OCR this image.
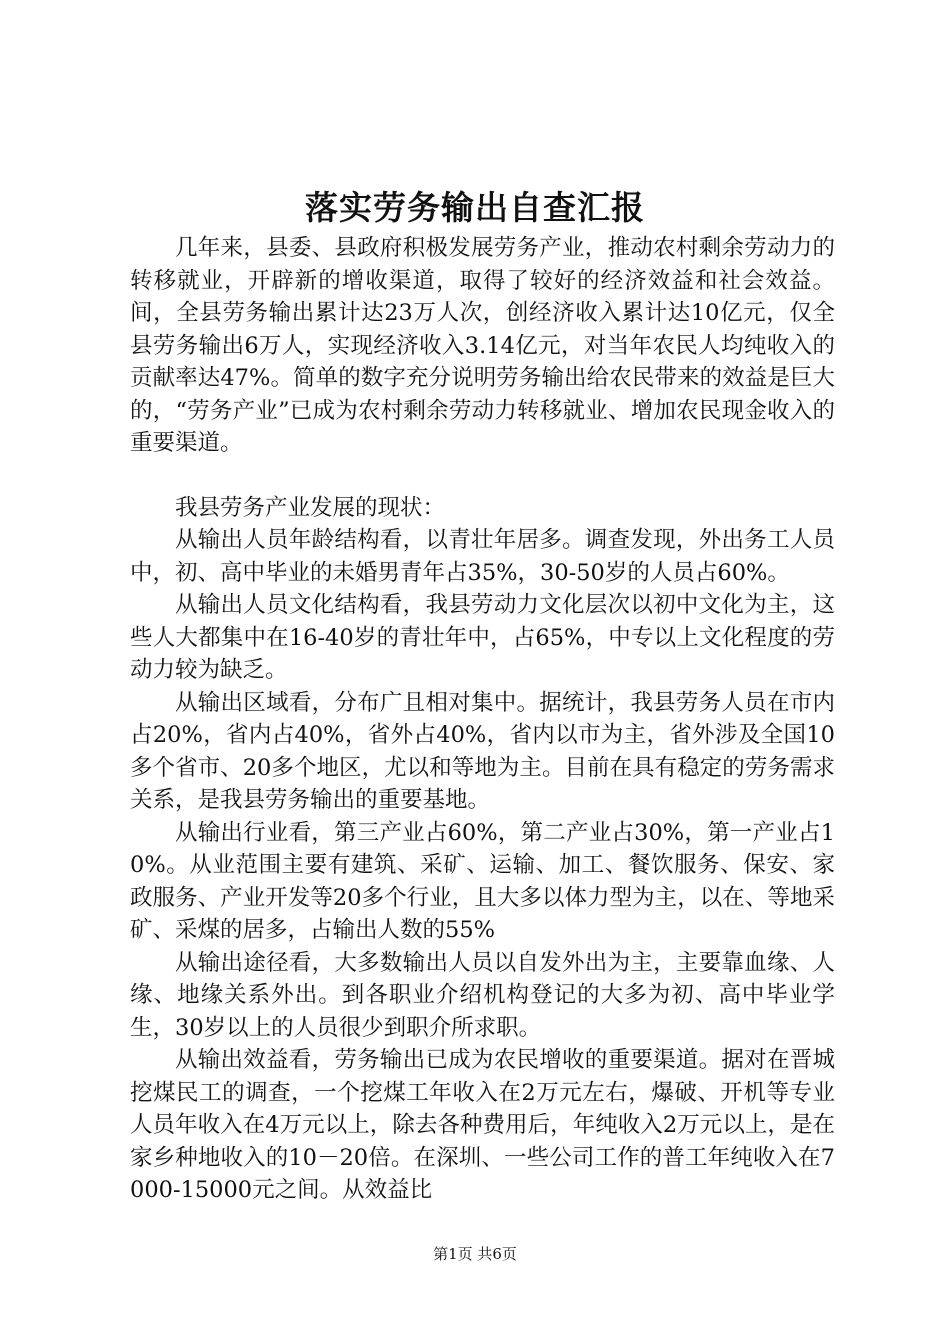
落实劳务输出自查汇报

几年来，县委、县政府积极发展劳务产业，推动农村剩余劳动力的转移就业，开辟新的增收渠道，取得了较好的经济效益和社会效益。间，全县劳务输出累计达23万人次，创经济收入累计达10亿元，仅全县劳务输出6万人，实现经济收入3.14亿元，对当年农民人均纯收入的贡献率达47%。简单的数字充分说明劳务输出给农民带来的效益是巨大的，“劳务产业”已成为农村剩余劳动力转移就业、增加农民现金收入的重要渠道。

我县劳务产业发展的现状：

从输出人员年龄结构看，以青壮年居多。调查发现，外出务工人员中，初、高中毕业的未婚男青年占35%，30-50岁的人员占60%。

从输出人员文化结构看，我县劳动力文化层次以初中文化为主，这些人大都集中在16-40岁的青壮年中，占65%，中专以上文化程度的劳动力较为缺乏。

从输出区域看，分布广且相对集中。据统计，我县劳务人员在市内占20%，省内占40%，省外占40%，省内以市为主，省外涉及全国10多个省市、20多个地区，尤以和等地为主。目前在具有稳定的劳务需求关系，是我县劳务输出的重要基地。

从输出行业看，第三产业占60%，第二产业占30%，第一产业占10%。从业范围主要有建筑、采矿、运输、加工、餐饮服务、保安、家政服务、产业开发等20多个行业，且大多以体力型为主，以在、等地采矿、采煤的居多，占输出人数的55%

从输出途径看，大多数输出人员以自发外出为主，主要靠血缘、人缘、地缘关系外出。到各职业介绍机构登记的大多为初、高中毕业学生，30岁以上的人员很少到职介所求职。

从输出效益看，劳务输出已成为农民增收的重要渠道。据对在晋城挖煤民工的调查，一个挖煤工年收入在2万元左右，爆破、开机等专业人员年收入在4万元以上，除去各种费用后，年纯收入2万元以上，是在家乡种地收入的10－20倍。在深圳、一些公司工作的普工年纯收入在7000-15000元之间。从效益比

第1页 共6页
